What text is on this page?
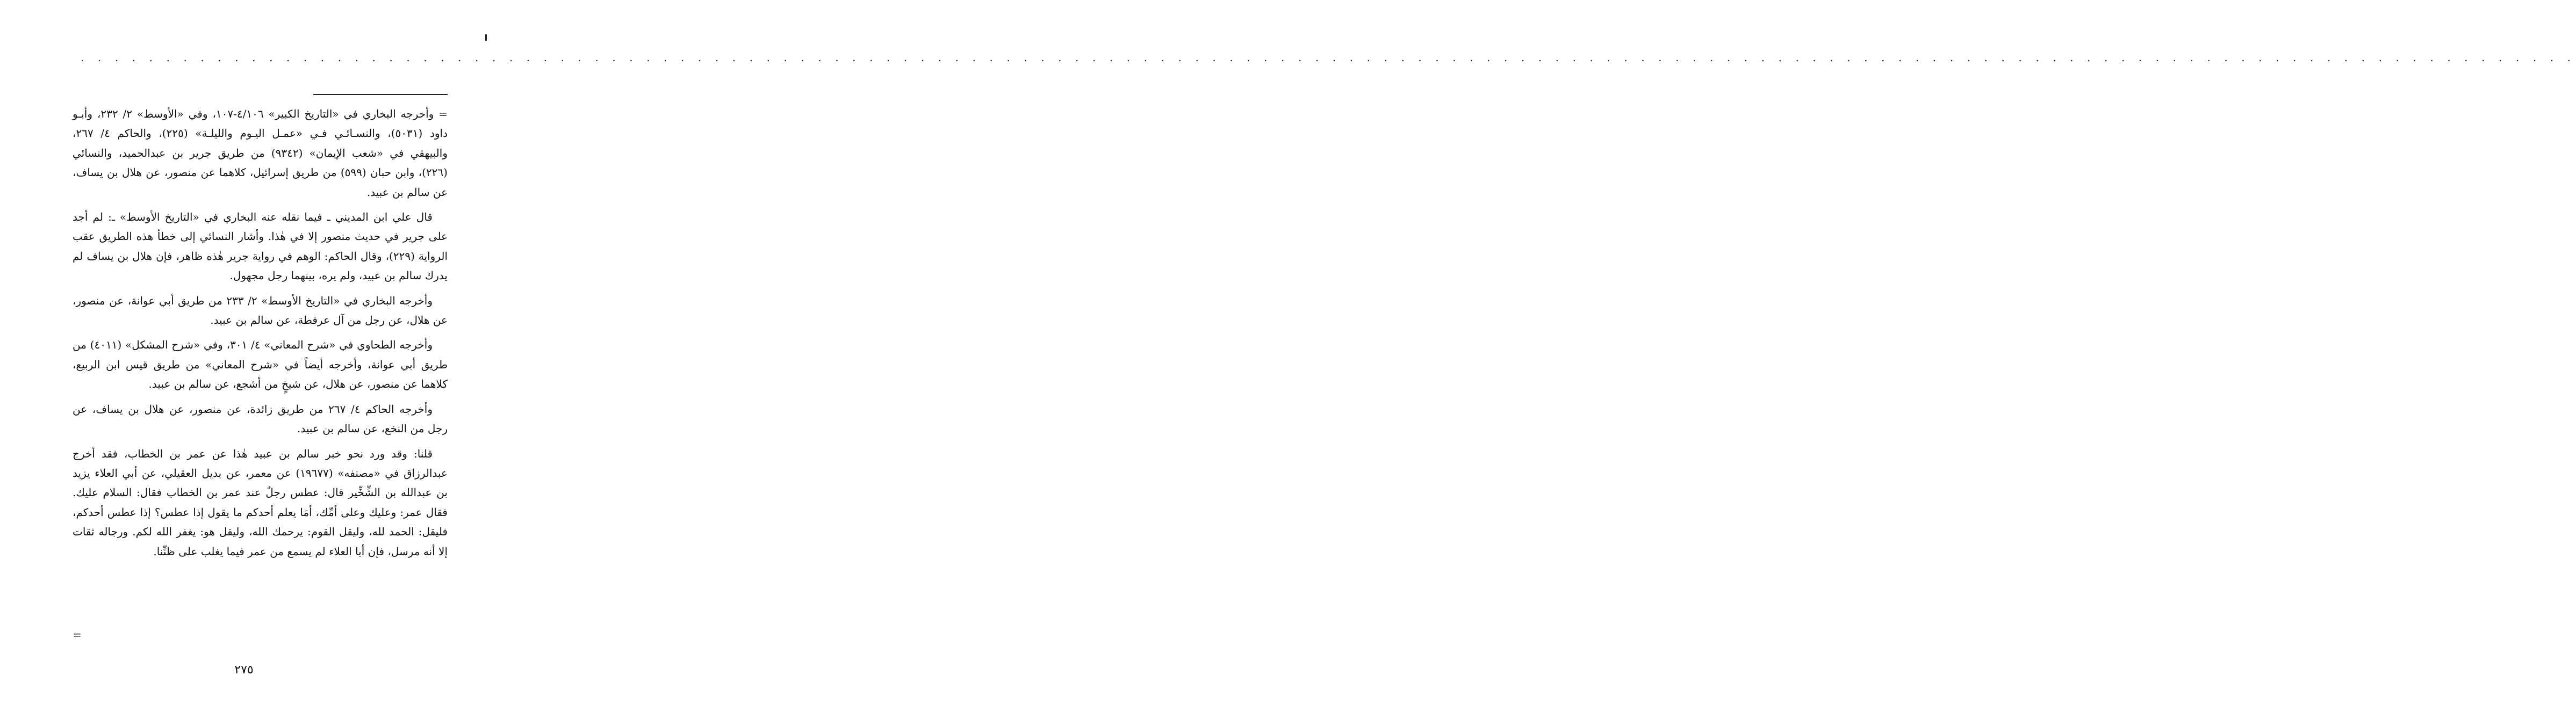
. . . . . . . . . . . . . . . . . . . . . . . . . . . . . . . . . . . . . . . . . . . . . . . . . . . . . . . . . . . . . . . . . . . . . . . . . . . . . . . . . . . . . . . . . . . . . . . . . . . . . . . . . . . . . . . . . . . . . . . . . . . . . . . . . . . . . . . . . . . . . . . . . .

= وأخرجه البخاري في «التاريخ الكبير» ٤/١٠٦-١٠٧، وفي «الأوسط» ٢/ ٢٣٢، وأبـو داود (٥٠٣١)، والنسـائـي فـي «عمـل اليـوم والليلـة» (٢٢٥)، والحاكم ٤/ ٢٦٧، والبيهقي في «شعب الإيمان» (٩٣٤٢) من طريق جرير بن عبدالحميد، والنسائي (٢٢٦)، وابن حبان (٥٩٩) من طريق إسرائيل، كلاهما عن منصور، عن هلال بن يساف، عن سالم بن عبيد.

قال علي ابن المديني ـ فيما نقله عنه البخاري في «التاريخ الأوسط» ـ: لم أجد على جرير في حديث منصور إلا في هٰذا. وأشار النسائي إلى خطأ هذه الطريق عقب الرواية (٢٢٩)، وقال الحاكم: الوهم في رواية جرير هٰذه ظاهر، فإن هلال بن يساف لم يدرك سالم بن عبيد، ولم يره، بينهما رجل مجهول.

وأخرجه البخاري في «التاريخ الأوسط» ٢/ ٢٣٣ من طريق أبي عوانة، عن منصور، عن هلال، عن رجل من آل عرفطة، عن سالم بن عبيد.

وأخرجه الطحاوي في «شرح المعاني» ٤/ ٣٠١، وفي «شرح المشكل» (٤٠١١) من طريق أبي عوانة، وأخرجه أيضاً في «شرح المعاني» من طريق قيس ابن الربيع، كلاهما عن منصور، عن هلال، عن شيخٍ من أشجع، عن سالم بن عبيد.

وأخرجه الحاكم ٤/ ٢٦٧ من طريق زائدة، عن منصور، عن هلال بن يساف، عن رجل من النخع، عن سالم بن عبيد.

قلنا: وقد ورد نحو خبر سالم بن عبيد هٰذا عن عمر بن الخطاب، فقد أخرج عبدالرزاق في «مصنفه» (١٩٦٧٧) عن معمر، عن بديل العقيلي، عن أبي العلاء يزيد بن عبدالله بن الشِّخِّير قال: عطس رجلٌ عند عمر بن الخطاب فقال: السلام عليك. فقال عمر: وعليك وعلى أمِّك، أمَا يعلم أحدكم ما يقول إذا عطس؟ إذا عطس أحدكم، فليقل: الحمد لله، وليقل القوم: يرحمك الله، وليقل هو: يغفر الله لكم. ورجاله ثقات إلا أنه مرسل، فإن أبا العلاء لم يسمع من عمر فيما يغلب على ظنِّنا.

=
٢٧٥
